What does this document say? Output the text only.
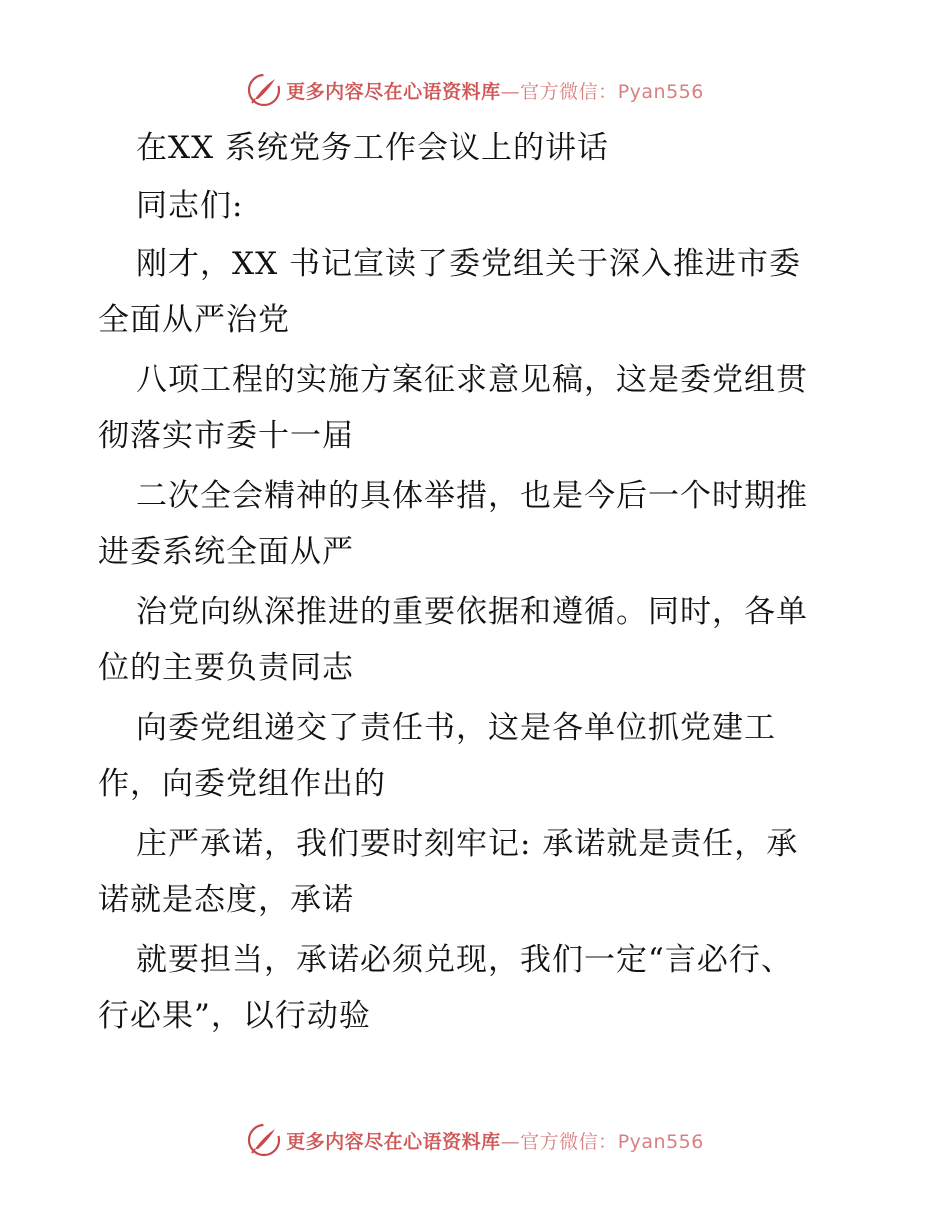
更多内容尽在心语资料库—官方微信：Pyan556
在XX 系统党务工作会议上的讲话
同志们:
刚才，XX 书记宣读了委党组关于深入推进市委
全面从严治党
八项工程的实施方案征求意见稿，这是委党组贯
彻落实市委十一届
二次全会精神的具体举措，也是今后一个时期推
进委系统全面从严
治党向纵深推进的重要依据和遵循。同时，各单
位的主要负责同志
向委党组递交了责任书，这是各单位抓党建工
作，向委党组作出的
庄严承诺，我们要时刻牢记: 承诺就是责任，承
诺就是态度，承诺
就要担当，承诺必须兑现，我们一定“言必行、
行必果”，以行动验
更多内容尽在心语资料库—官方微信：Pyan556
